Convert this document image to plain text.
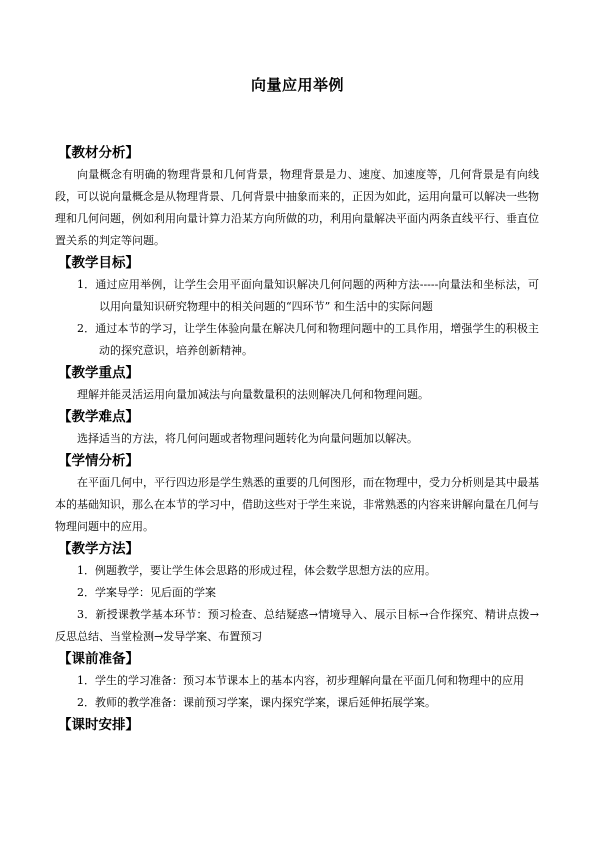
向量应用举例
【教材分析】

向量概念有明确的物理背景和几何背景，物理背景是力、速度、加速度等，几何背景是有向线段，可以说向量概念是从物理背景、几何背景中抽象而来的，正因为如此，运用向量可以解决一些物理和几何问题，例如利用向量计算力沿某方向所做的功，利用向量解决平面内两条直线平行、垂直位置关系的判定等问题。

【教学目标】

1．通过应用举例，让学生会用平面向量知识解决几何问题的两种方法-----向量法和坐标法，可以用向量知识研究物理中的相关问题的“四环节” 和生活中的实际问题

2．通过本节的学习，让学生体验向量在解决几何和物理问题中的工具作用，增强学生的积极主动的探究意识，培养创新精神。

【教学重点】

理解并能灵活运用向量加减法与向量数量积的法则解决几何和物理问题。

【教学难点】

选择适当的方法，将几何问题或者物理问题转化为向量问题加以解决。

【学情分析】

在平面几何中，平行四边形是学生熟悉的重要的几何图形，而在物理中，受力分析则是其中最基本的基础知识，那么在本节的学习中，借助这些对于学生来说，非常熟悉的内容来讲解向量在几何与物理问题中的应用。

【教学方法】

1．例题教学，要让学生体会思路的形成过程，体会数学思想方法的应用。

2．学案导学：见后面的学案

3．新授课教学基本环节：预习检查、总结疑惑→情境导入、展示目标→合作探究、精讲点拨→反思总结、当堂检测→发导学案、布置预习

【课前准备】

1．学生的学习准备：预习本节课本上的基本内容，初步理解向量在平面几何和物理中的应用

2．教师的教学准备：课前预习学案，课内探究学案，课后延伸拓展学案。

【课时安排】
